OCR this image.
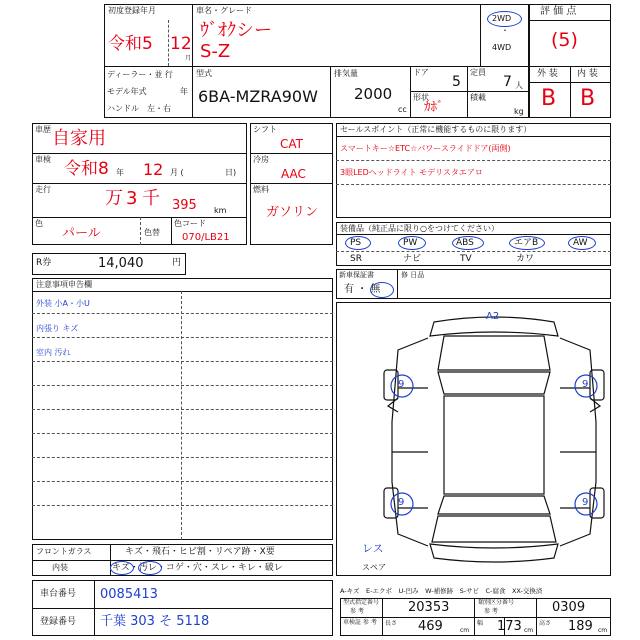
初度登録年月
令和5 12
月
車名・グレード
ｳﾞｵｸシー
S-Z
2WD
・
4WD
ディーラー・並 行
モデル年式	年
ハンドル　左・右
型式
6BA-MZRA90W
排気量
2000
cc
ドア
5
定員
7 人
形状
ｶﾎﾞ
積載
kg
評 価 点
(5)
外 装 内 装
B B
車歴 自家用
車検 令和8 年 12 月 (	日)
走行	万 3 千 395 km
色
パール	色替
色コード
070/LB21
シフト
CAT
冷房
AAC
燃料
ガソリン
セールスポイント（正常に機能するものに限ります）
スマートキー☆ETC☆パワースライドドア(両側)
3眼LEDヘッドライト モデリスタエアロ
装備品（純正品に限り○をつけてください）
PS	PW	ABS	エアB	AW
SR	ナビ	TV	カワ
新車保証書
有 ・ 無
修 日品
R券	14,040	円
注意事項申告欄
外装 小A・小U
内張り キズ
室内 汚れ
A2
9	9
9	9
レス
スペア
フロントガラス	キズ・飛石・ヒビ割・リペア跡・X要
内装	キズ・汚レ・コゲ・穴・スレ・キレ・破レ
A-キズ　E-エクボ　U-凹み　W-補修跡　S-サビ　C-腐食　XX-交換済
車台番号 0085413
登録番号 千葉 303 そ 5118
型式指定番号
参 考	20353	類別区分番号
参 考	0309
車検証 参 考	長さ 469	cm
幅 173 cm
高さ 189 cm
